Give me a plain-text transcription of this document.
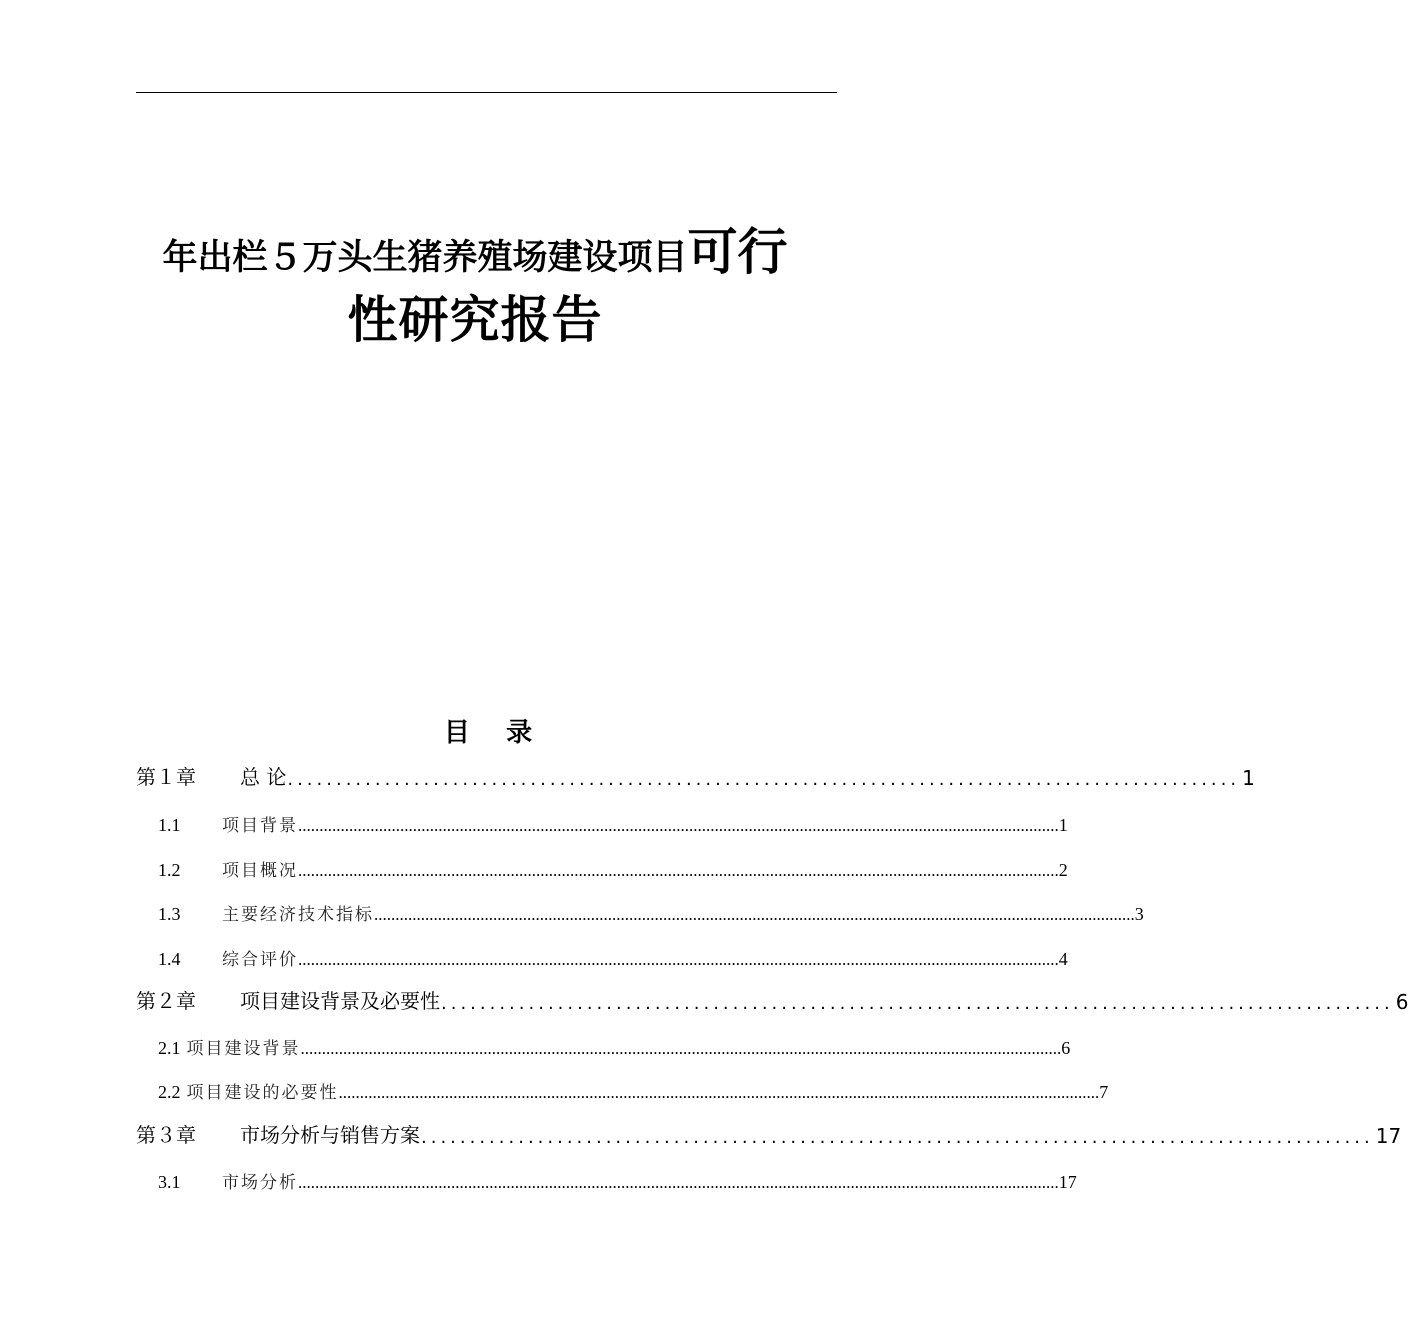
年出栏５万头生猪养殖场建设项目可行
性研究报告
目    录
第１章	总 论 .................................................................................................. 1
1.1	项目背景 ................................................................................................................................................................................... 1
1.2	项目概况 ................................................................................................................................................................................... 2
1.3	主要经济技术指标 ................................................................................................................................................................................... 3
1.4	综合评价 ................................................................................................................................................................................... 4
第２章	项目建设背景及必要性 .................................................................................................. 6
2.1 项目建设背景 ................................................................................................................................................................................... 6
2.2 项目建设的必要性 ................................................................................................................................................................................... 7
第３章	市场分析与销售方案 .................................................................................................. 17
3.1	市场分析 ................................................................................................................................................................................... 17
